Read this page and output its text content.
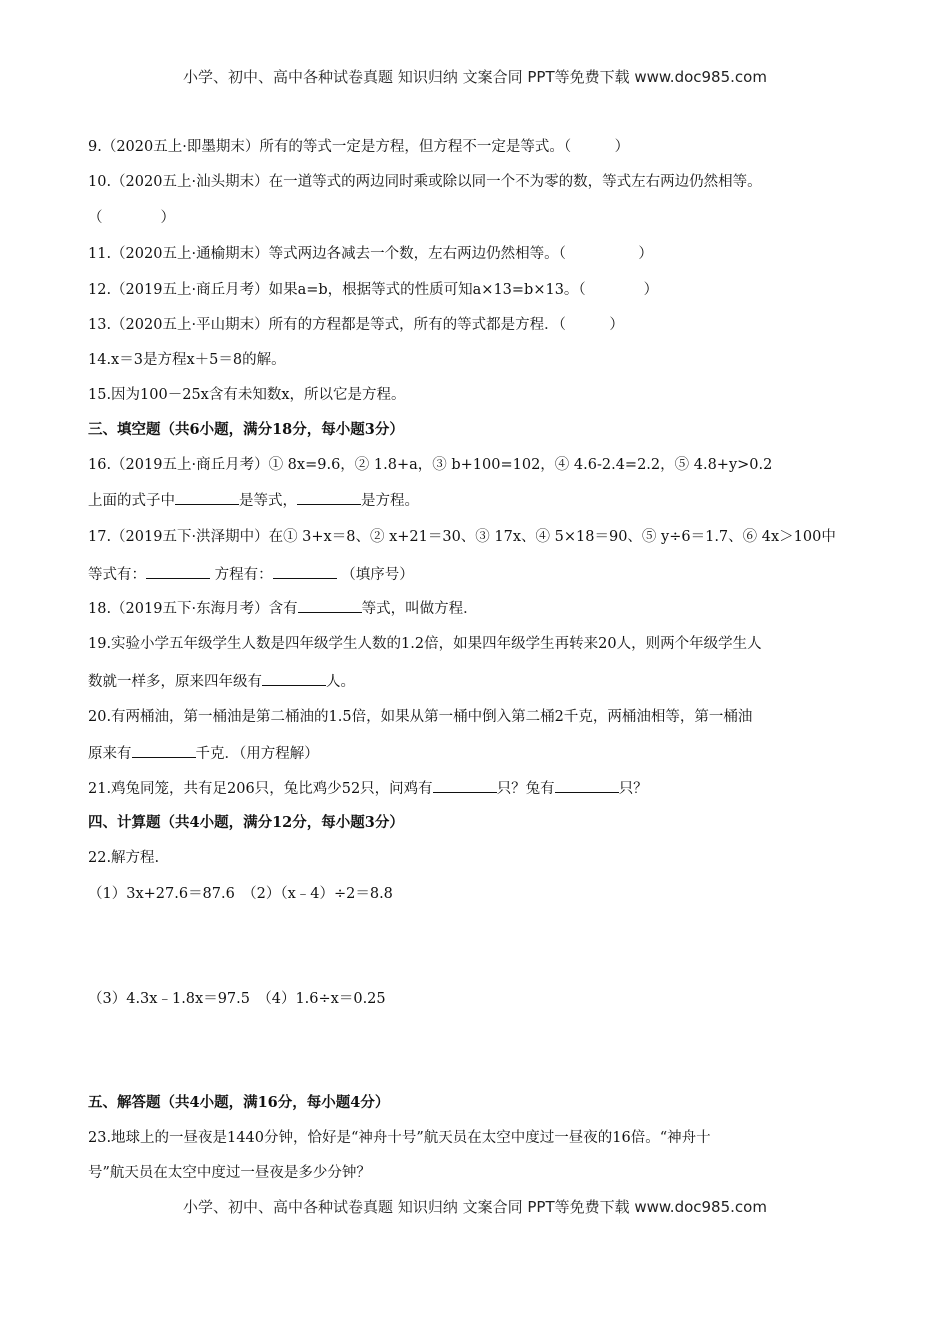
小学、初中、高中各种试卷真题 知识归纳 文案合同 PPT等免费下载 www.doc985.com
9.（2020五上·即墨期末）所有的等式一定是方程，但方程不一定是等式。（　　　）
10.（2020五上·汕头期末）在一道等式的两边同时乘或除以同一个不为零的数，等式左右两边仍然相等。
（　　　　）
11.（2020五上·通榆期末）等式两边各减去一个数，左右两边仍然相等。（　　　　　）
12.（2019五上·商丘月考）如果a=b，根据等式的性质可知a×13=b×13。（　　　　）
13.（2020五上·平山期末）所有的方程都是等式，所有的等式都是方程．（　　　）
14.x＝3是方程x＋5＝8的解。
15.因为100－25x含有未知数x，所以它是方程。
三、填空题（共6小题，满分18分，每小题3分）
16.（2019五上·商丘月考）① 8x=9.6，② 1.8+a，③ b+100=102，④ 4.6-2.4=2.2，⑤ 4.8+y>0.2
上面的式子中	是等式，	是方程。
17.（2019五下·洪泽期中）在① 3+x＝8、② x+21＝30、③ 17x、④ 5×18＝90、⑤ y÷6＝1.7、⑥ 4x＞100中
等式有：	方程有：	（填序号）
18.（2019五下·东海月考）含有	等式，叫做方程．
19.实验小学五年级学生人数是四年级学生人数的1.2倍，如果四年级学生再转来20人，则两个年级学生人
数就一样多，原来四年级有	人。
20.有两桶油，第一桶油是第二桶油的1.5倍，如果从第一桶中倒入第二桶2千克，两桶油相等，第一桶油
原来有	千克．（用方程解）
21.鸡兔同笼，共有足206只，兔比鸡少52只，问鸡有	只？兔有	只？
四、计算题（共4小题，满分12分，每小题3分）
22.解方程.
（1）3x+27.6＝87.6　（2）（x﹣4）÷2＝8.8
（3）4.3x﹣1.8x＝97.5　（4）1.6÷x＝0.25
五、解答题（共4小题，满16分，每小题4分）
23.地球上的一昼夜是1440分钟，恰好是“神舟十号”航天员在太空中度过一昼夜的16倍。“神舟十
号”航天员在太空中度过一昼夜是多少分钟？
小学、初中、高中各种试卷真题 知识归纳 文案合同 PPT等免费下载 www.doc985.com
